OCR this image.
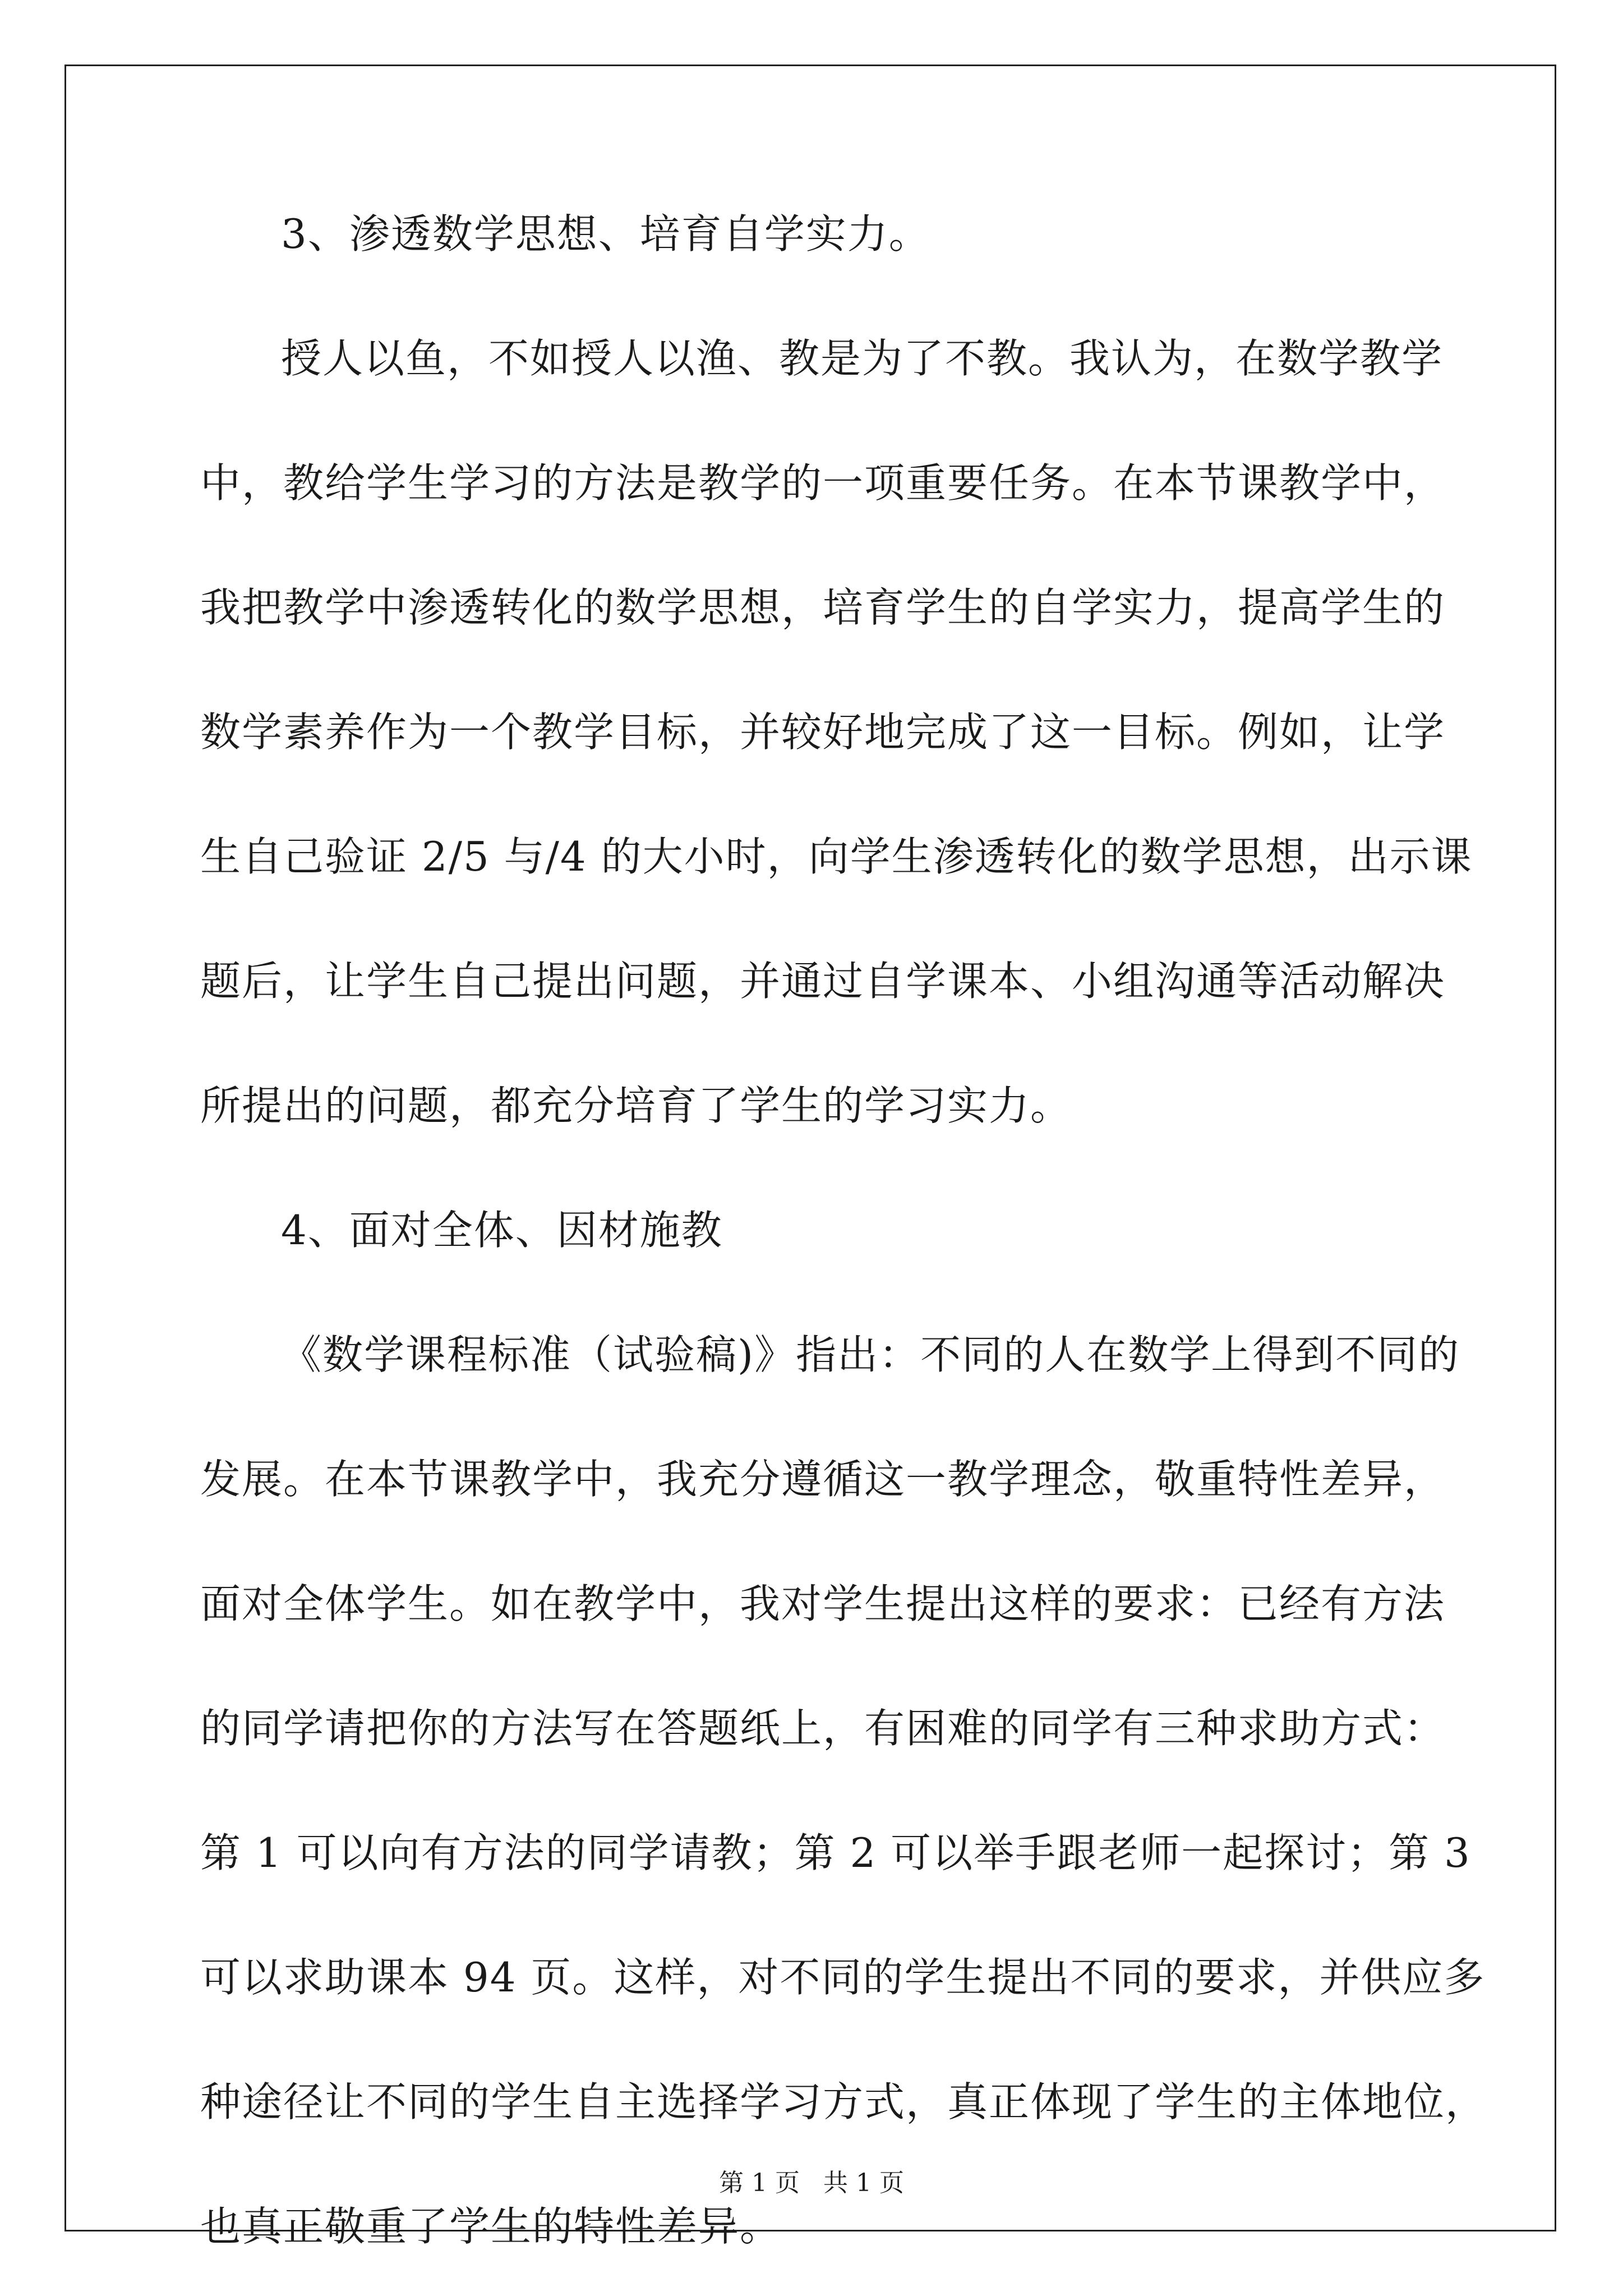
3、渗透数学思想、培育自学实力。
授人以鱼，不如授人以渔、教是为了不教。我认为，在数学教学
中，教给学生学习的方法是教学的一项重要任务。在本节课教学中，
我把教学中渗透转化的数学思想，培育学生的自学实力，提高学生的
数学素养作为一个教学目标，并较好地完成了这一目标。例如，让学
生自己验证 2/5 与/4 的大小时，向学生渗透转化的数学思想，出示课
题后，让学生自己提出问题，并通过自学课本、小组沟通等活动解决
所提出的问题，都充分培育了学生的学习实力。
4、面对全体、因材施教
《数学课程标准（试验稿)》指出：不同的人在数学上得到不同的
发展。在本节课教学中，我充分遵循这一教学理念，敬重特性差异，
面对全体学生。如在教学中，我对学生提出这样的要求：已经有方法
的同学请把你的方法写在答题纸上，有困难的同学有三种求助方式：
第 1 可以向有方法的同学请教；第 2 可以举手跟老师一起探讨；第 3
可以求助课本 94 页。这样，对不同的学生提出不同的要求，并供应多
种途径让不同的学生自主选择学习方式，真正体现了学生的主体地位，
也真正敬重了学生的特性差异。
第 1 页   共 1 页
